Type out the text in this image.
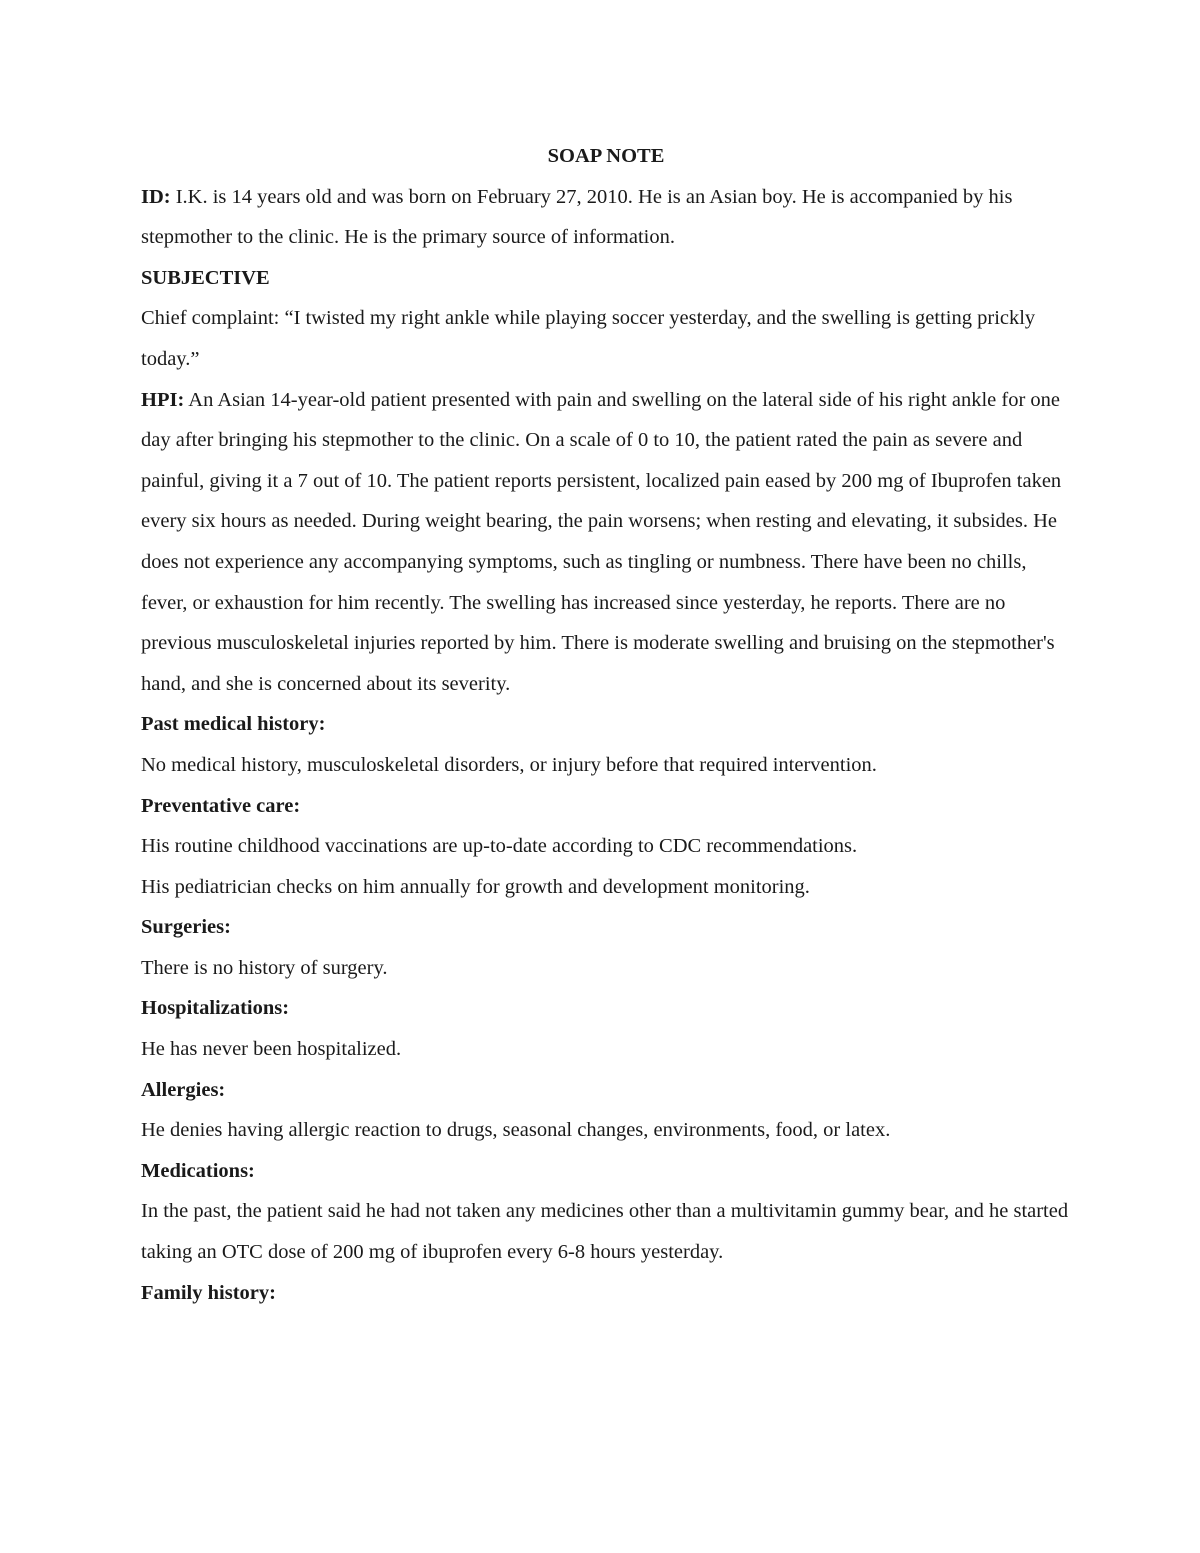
SOAP NOTE

ID: I.K. is 14 years old and was born on February 27, 2010. He is an Asian boy. He is accompanied by his stepmother to the clinic. He is the primary source of information.

SUBJECTIVE

Chief complaint: “I twisted my right ankle while playing soccer yesterday, and the swelling is getting prickly today.”

HPI: An Asian 14-year-old patient presented with pain and swelling on the lateral side of his right ankle for one day after bringing his stepmother to the clinic. On a scale of 0 to 10, the patient rated the pain as severe and painful, giving it a 7 out of 10. The patient reports persistent, localized pain eased by 200 mg of Ibuprofen taken every six hours as needed. During weight bearing, the pain worsens; when resting and elevating, it subsides. He does not experience any accompanying symptoms, such as tingling or numbness. There have been no chills, fever, or exhaustion for him recently. The swelling has increased since yesterday, he reports. There are no previous musculoskeletal injuries reported by him. There is moderate swelling and bruising on the stepmother's hand, and she is concerned about its severity.

Past medical history:

No medical history, musculoskeletal disorders, or injury before that required intervention.

Preventative care:

His routine childhood vaccinations are up-to-date according to CDC recommendations.

His pediatrician checks on him annually for growth and development monitoring.

Surgeries:

There is no history of surgery.

Hospitalizations:

He has never been hospitalized.

Allergies:

He denies having allergic reaction to drugs, seasonal changes, environments, food, or latex.

Medications:

In the past, the patient said he had not taken any medicines other than a multivitamin gummy bear, and he started taking an OTC dose of 200 mg of ibuprofen every 6-8 hours yesterday.

Family history:
